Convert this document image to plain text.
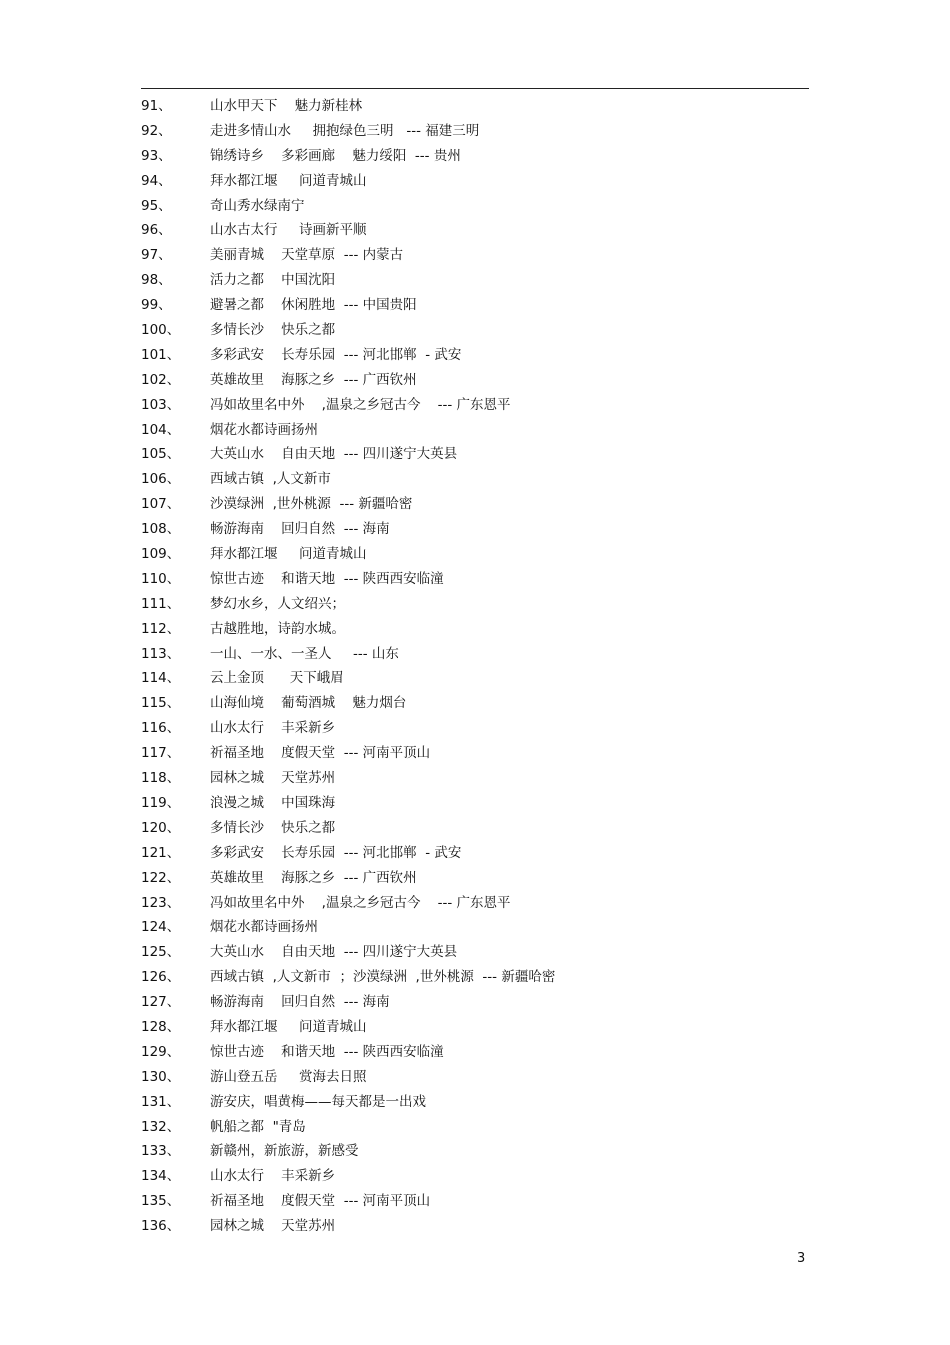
91、	山水甲天下    魅力新桂林
92、	走进多情山水     拥抱绿色三明   --- 福建三明
93、	锦绣诗乡    多彩画廊    魅力绥阳  --- 贵州
94、	拜水都江堰     问道青城山
95、	奇山秀水绿南宁
96、	山水古太行     诗画新平顺
97、	美丽青城    天堂草原  --- 内蒙古
98、	活力之都    中国沈阳
99、	避暑之都    休闲胜地  --- 中国贵阳
100、 多情长沙    快乐之都
101、 多彩武安    长寿乐园  --- 河北邯郸  - 武安
102、 英雄故里    海豚之乡  --- 广西钦州
103、 冯如故里名中外    ,温泉之乡冠古今    --- 广东恩平
104、 烟花水都诗画扬州
105、 大英山水    自由天地  --- 四川遂宁大英县
106、 西域古镇  ,人文新市
107、 沙漠绿洲  ,世外桃源  --- 新疆哈密
108、 畅游海南    回归自然  --- 海南
109、 拜水都江堰     问道青城山
110、 惊世古迹    和谐天地  --- 陕西西安临潼
111、 梦幻水乡，人文绍兴；
112、 古越胜地，诗韵水城。
113、 一山、一水、一圣人     --- 山东
114、 云上金顶      天下峨眉
115、 山海仙境    葡萄酒城    魅力烟台
116、 山水太行    丰采新乡
117、 祈福圣地    度假天堂  --- 河南平顶山
118、 园林之城    天堂苏州
119、 浪漫之城    中国珠海
120、 多情长沙    快乐之都
121、 多彩武安    长寿乐园  --- 河北邯郸  - 武安
122、 英雄故里    海豚之乡  --- 广西钦州
123、 冯如故里名中外    ,温泉之乡冠古今    --- 广东恩平
124、 烟花水都诗画扬州
125、 大英山水    自由天地  --- 四川遂宁大英县
126、 西域古镇  ,人文新市  ；沙漠绿洲  ,世外桃源  --- 新疆哈密
127、 畅游海南    回归自然  --- 海南
128、 拜水都江堰     问道青城山
129、 惊世古迹    和谐天地  --- 陕西西安临潼
130、 游山登五岳     赏海去日照
131、 游安庆，唱黄梅——每天都是一出戏
132、 帆船之都  "青岛
133、 新赣州，新旅游，新感受
134、 山水太行    丰采新乡
135、 祈福圣地    度假天堂  --- 河南平顶山
136、 园林之城    天堂苏州
3
